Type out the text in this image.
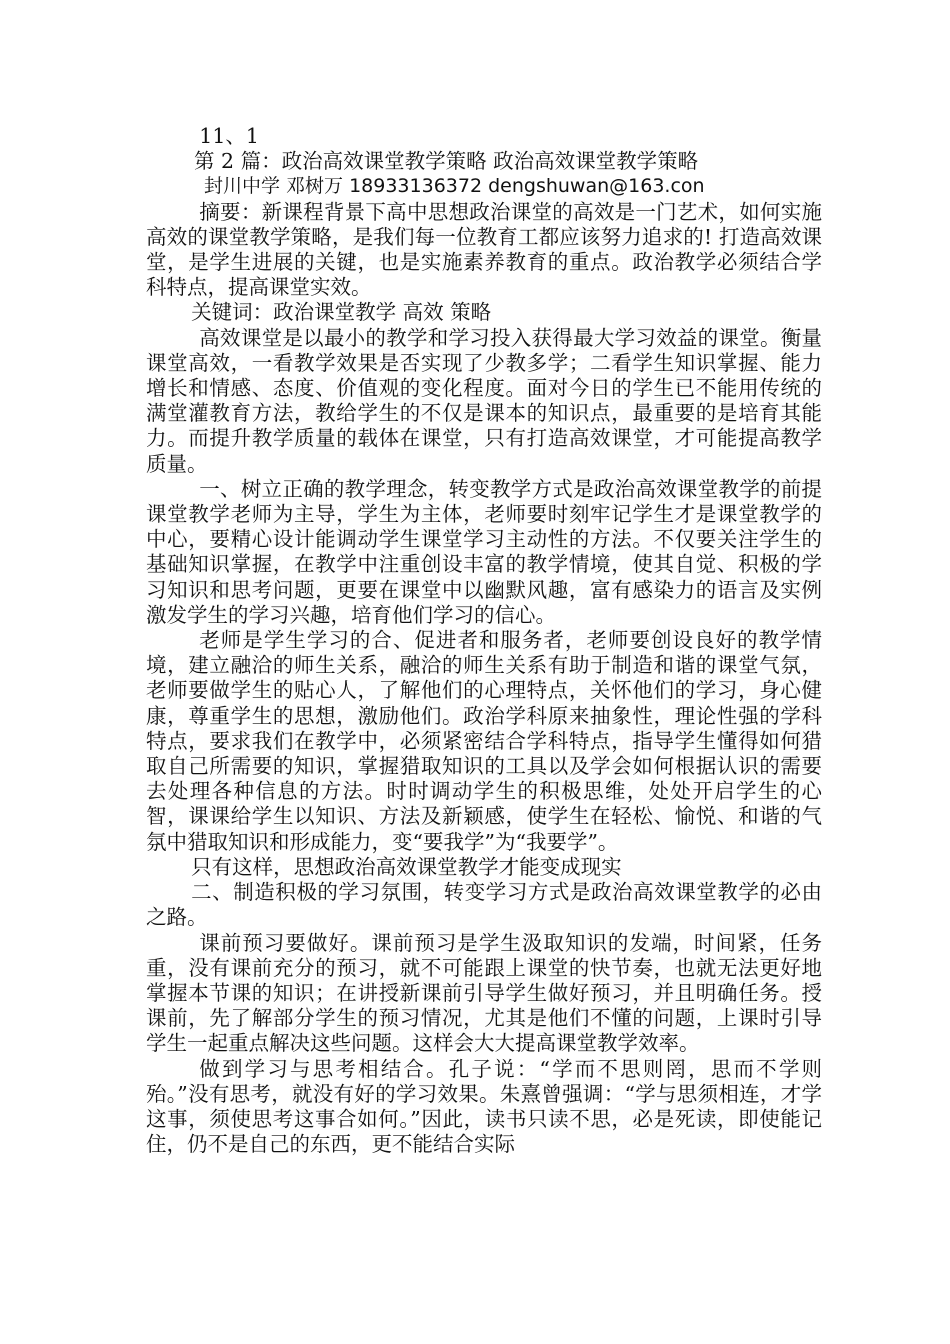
11、1

第 2 篇：政治高效课堂教学策略 政治高效课堂教学策略

封川中学 邓树万 18933136372 dengshuwan@163.con

摘要：新课程背景下高中思想政治课堂的高效是一门艺术，如何实施高效的课堂教学策略，是我们每一位教育工都应该努力追求的! 打造高效课堂，是学生进展的关键，也是实施素养教育的重点。政治教学必须结合学科特点，提高课堂实效。

关键词：政治课堂教学 高效 策略

高效课堂是以最小的教学和学习投入获得最大学习效益的课堂。衡量课堂高效，一看教学效果是否实现了少教多学；二看学生知识掌握、能力增长和情感、态度、价值观的变化程度。面对今日的学生已不能用传统的满堂灌教育方法，教给学生的不仅是课本的知识点，最重要的是培育其能力。而提升教学质量的载体在课堂，只有打造高效课堂，才可能提高教学质量。

一、树立正确的教学理念，转变教学方式是政治高效课堂教学的前提 课堂教学老师为主导，学生为主体，老师要时刻牢记学生才是课堂教学的中心，要精心设计能调动学生课堂学习主动性的方法。不仅要关注学生的基础知识掌握，在教学中注重创设丰富的教学情境，使其自觉、积极的学习知识和思考问题，更要在课堂中以幽默风趣，富有感染力的语言及实例激发学生的学习兴趣，培育他们学习的信心。

老师是学生学习的合、促进者和服务者，老师要创设良好的教学情境，建立融洽的师生关系，融洽的师生关系有助于制造和谐的课堂气氛，老师要做学生的贴心人，了解他们的心理特点，关怀他们的学习，身心健康，尊重学生的思想，激励他们。政治学科原来抽象性，理论性强的学科特点，要求我们在教学中，必须紧密结合学科特点，指导学生懂得如何猎取自己所需要的知识，掌握猎取知识的工具以及学会如何根据认识的需要去处理各种信息的方法。时时调动学生的积极思维，处处开启学生的心智，课课给学生以知识、方法及新颖感，使学生在轻松、愉悦、和谐的气氛中猎取知识和形成能力，变“要我学”为“我要学”。

只有这样，思想政治高效课堂教学才能变成现实

二、制造积极的学习氛围，转变学习方式是政治高效课堂教学的必由之路。

课前预习要做好。课前预习是学生汲取知识的发端，时间紧，任务重，没有课前充分的预习，就不可能跟上课堂的快节奏，也就无法更好地掌握本节课的知识；在讲授新课前引导学生做好预习，并且明确任务。授课前，先了解部分学生的预习情况，尤其是他们不懂的问题，上课时引导学生一起重点解决这些问题。这样会大大提高课堂教学效率。

做到学习与思考相结合。孔子说：“学而不思则罔，思而不学则殆。”没有思考，就没有好的学习效果。朱熹曾强调：“学与思须相连，才学这事，须使思考这事合如何。”因此，读书只读不思，必是死读，即使能记住，仍不是自己的东西，更不能结合实际
